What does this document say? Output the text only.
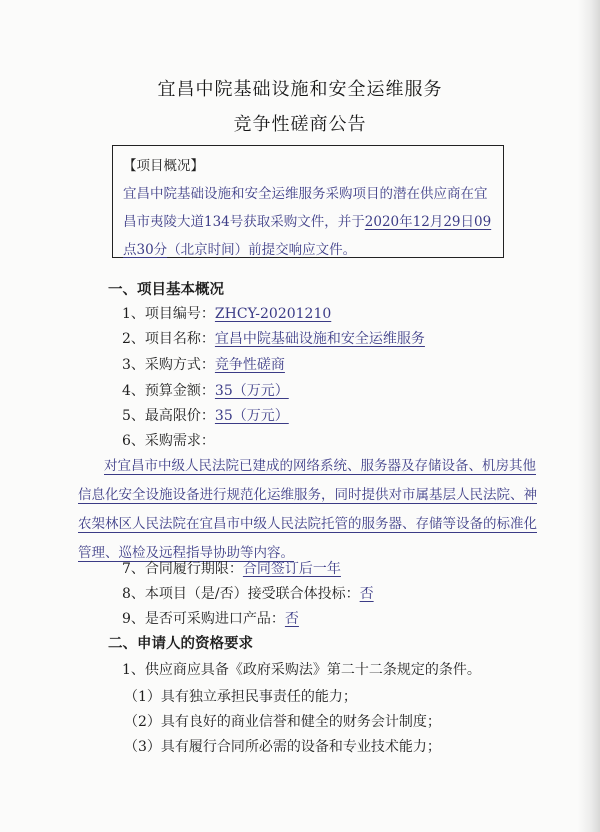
宜昌中院基础设施和安全运维服务
竞争性磋商公告
【项目概况】
宜昌中院基础设施和安全运维服务采购项目的潜在供应商在宜昌市夷陵大道134号获取采购文件，并于2020年12月29日09点30分（北京时间）前提交响应文件。
一、项目基本概况
1、项目编号：ZHCY-20201210
2、项目名称：宜昌中院基础设施和安全运维服务
3、采购方式：竞争性磋商
4、预算金额：35（万元）
5、最高限价：35（万元）
6、采购需求：
对宜昌市中级人民法院已建成的网络系统、服务器及存储设备、机房其他信息化安全设施设备进行规范化运维服务，同时提供对市属基层人民法院、神农架林区人民法院在宜昌市中级人民法院托管的服务器、存储等设备的标准化管理、巡检及远程指导协助等内容。
7、合同履行期限：合同签订后一年
8、本项目（是/否）接受联合体投标：否
9、是否可采购进口产品：否
二、申请人的资格要求
1、供应商应具备《政府采购法》第二十二条规定的条件。
（1）具有独立承担民事责任的能力；
（2）具有良好的商业信誉和健全的财务会计制度；
（3）具有履行合同所必需的设备和专业技术能力；
